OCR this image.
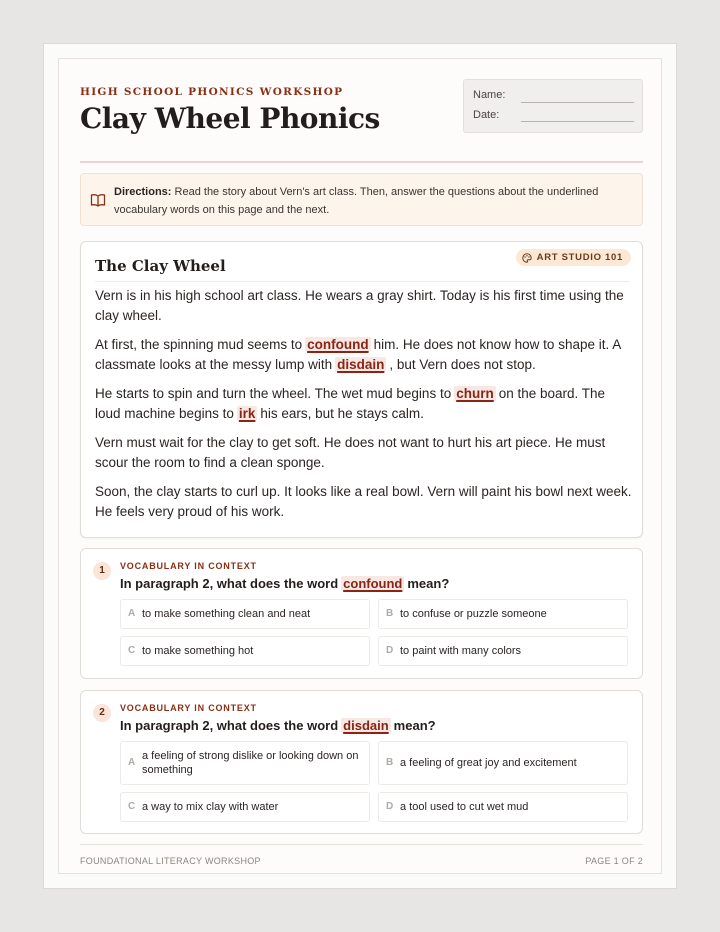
HIGH SCHOOL PHONICS WORKSHOP
Clay Wheel Phonics
Name:
Date:
Directions: Read the story about Vern's art class. Then, answer the questions about the underlined vocabulary words on this page and the next.
The Clay Wheel	ART STUDIO 101

Vern is in his high school art class. He wears a gray shirt. Today is his first time using the clay wheel.

At first, the spinning mud seems to confound him. He does not know how to shape it. A classmate looks at the messy lump with disdain , but Vern does not stop.

He starts to spin and turn the wheel. The wet mud begins to churn on the board. The loud machine begins to irk his ears, but he stays calm.

Vern must wait for the clay to get soft. He does not want to hurt his art piece. He must scour the room to find a clean sponge.

Soon, the clay starts to curl up. It looks like a real bowl. Vern will paint his bowl next week. He feels very proud of his work.

1	VOCABULARY IN CONTEXT
In paragraph 2, what does the word confound mean?
A to make something clean and neat	B to confuse or puzzle someone
C to make something hot	D to paint with many colors
2	VOCABULARY IN CONTEXT
In paragraph 2, what does the word disdain mean?
A
a feeling of strong dislike or looking down on something
B a feeling of great joy and excitement
C a way to mix clay with water	D a tool used to cut wet mud
FOUNDATIONAL LITERACY WORKSHOP	PAGE 1 OF 2
